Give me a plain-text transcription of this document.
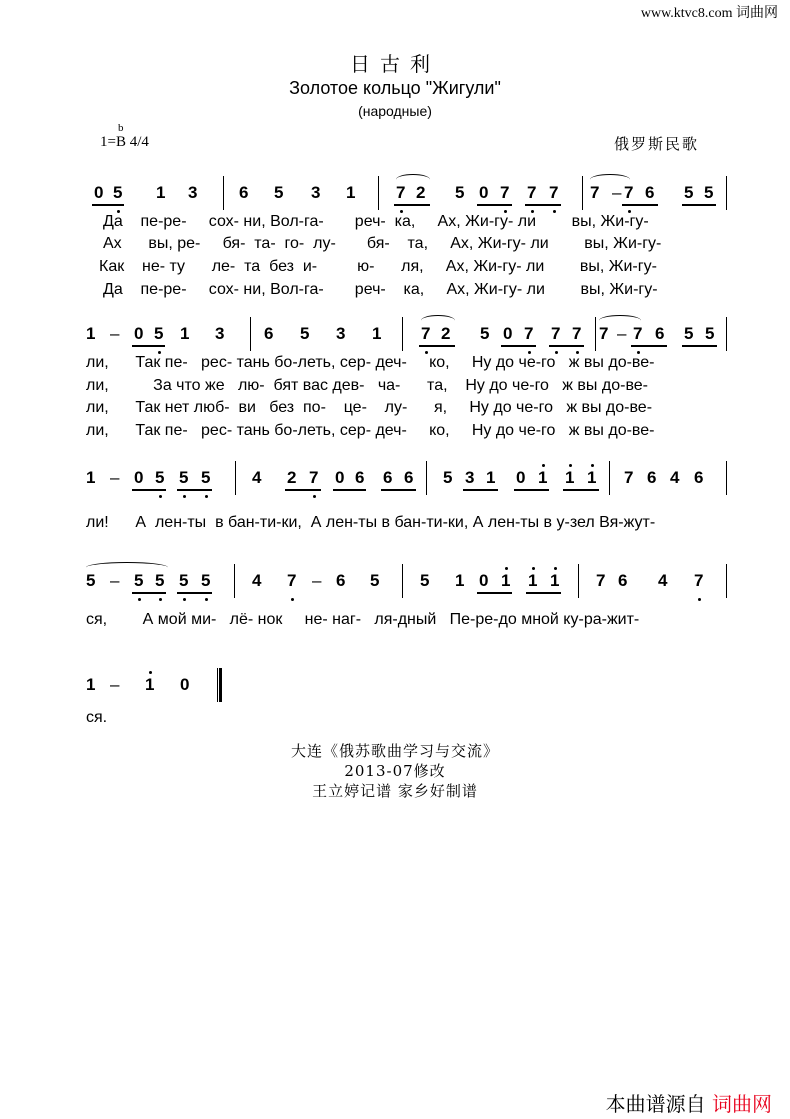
www.ktvc8.com 词曲网
日古利
Золотое кольцо "Жигули"
(народные)
b
1=B 4/4	俄罗斯民歌
0 5 1 3 6 5 3 1 7 2 5 0 7 7 7 7 – 7 6 5 5
Да    пе-ре-     сох- ни, Вол-га-       реч-  ка,     Ах, Жи-гу- ли        вы, Жи-гу-
Ах      вы, ре-     бя-  та-  го-  лу-       бя-    та,     Ах, Жи-гу- ли        вы, Жи-гу-
Как    не- ту      ле-  та  без  и-         ю-      ля,     Ах, Жи-гу- ли        вы, Жи-гу-
Да    пе-ре-     сох- ни, Вол-га-       реч-    ка,     Ах, Жи-гу- ли        вы, Жи-гу-
1 – 0 5 1 3 6 5 3 1 7 2 5 0 7 7 7 7 – 7 6 5 5
ли,      Так пе-   рес- тань бо-леть, сер- деч-     ко,     Ну до че-го   ж вы до-ве-
ли,          За что же   лю-  бят вас дев-   ча-      та,    Ну до че-го   ж вы до-ве-
ли,      Так нет люб-  ви   без  по-    це-    лу-      я,     Ну до че-го   ж вы до-ве-
ли,      Так пе-   рес- тань бо-леть, сер- деч-     ко,     Ну до че-го   ж вы до-ве-
1 – 0 5 5 5 4 2 7 0 6 6 6 5 3 1 0 1 1 1 7 6 4 6
ли!      А  лен-ты  в бан-ти-ки,  А лен-ты в бан-ти-ки, А лен-ты в у-зел Вя-жут-
5 – 5 5 5 5 4 7 – 6 5 5 1 0 1 1 1 7 6 4 7
ся,        А мой ми-   лё- нок     не- наг-   ля-дный   Пе-ре-до мной ку-ра-жит-
1 – 1 0
ся.
大连《俄苏歌曲学习与交流》
2013-07修改
王立婷记谱 家乡好制谱
本曲谱源自 词曲网
